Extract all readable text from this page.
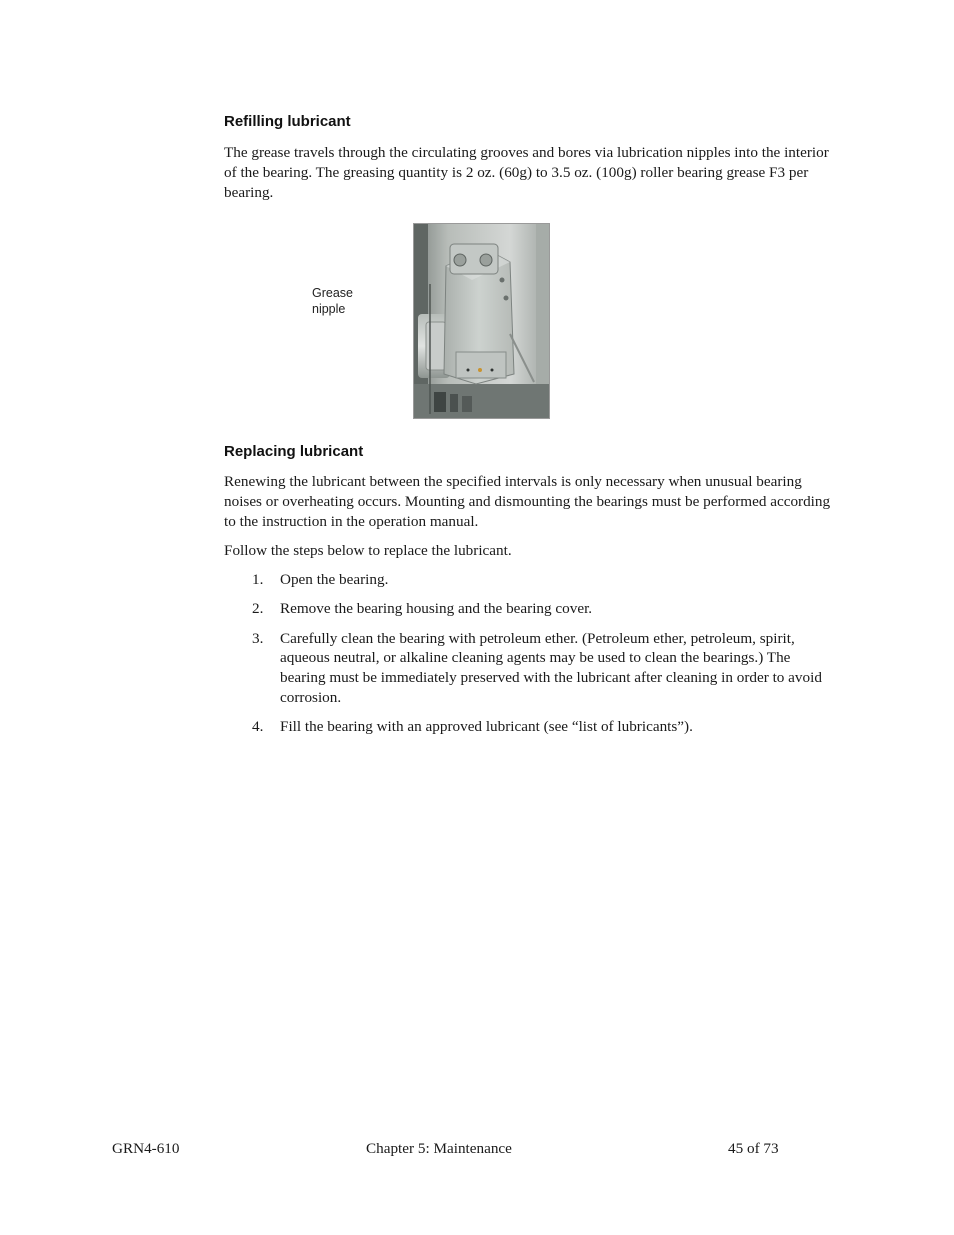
Refilling lubricant

The grease travels through the circulating grooves and bores via lubrication nipples into the interior of the bearing. The greasing quantity is 2 oz. (60g) to 3.5 oz. (100g) roller bearing grease F3 per bearing.

Grease
nipple
Replacing lubricant

Renewing the lubricant between the specified intervals is only necessary when unusual bearing noises or overheating occurs. Mounting and dismounting the bearings must be performed according to the instruction in the operation manual.

Follow the steps below to replace the lubricant.

1. Open the bearing.
2. Remove the bearing housing and the bearing cover.
3. Carefully clean the bearing with petroleum ether. (Petroleum ether, petroleum, spirit, aqueous neutral, or alkaline cleaning agents may be used to clean the bearings.) The bearing must be immediately preserved with the lubricant after cleaning in order to avoid corrosion.
4. Fill the bearing with an approved lubricant (see “list of lubricants”).
GRN4-610	Chapter 5: Maintenance	45 of 73
